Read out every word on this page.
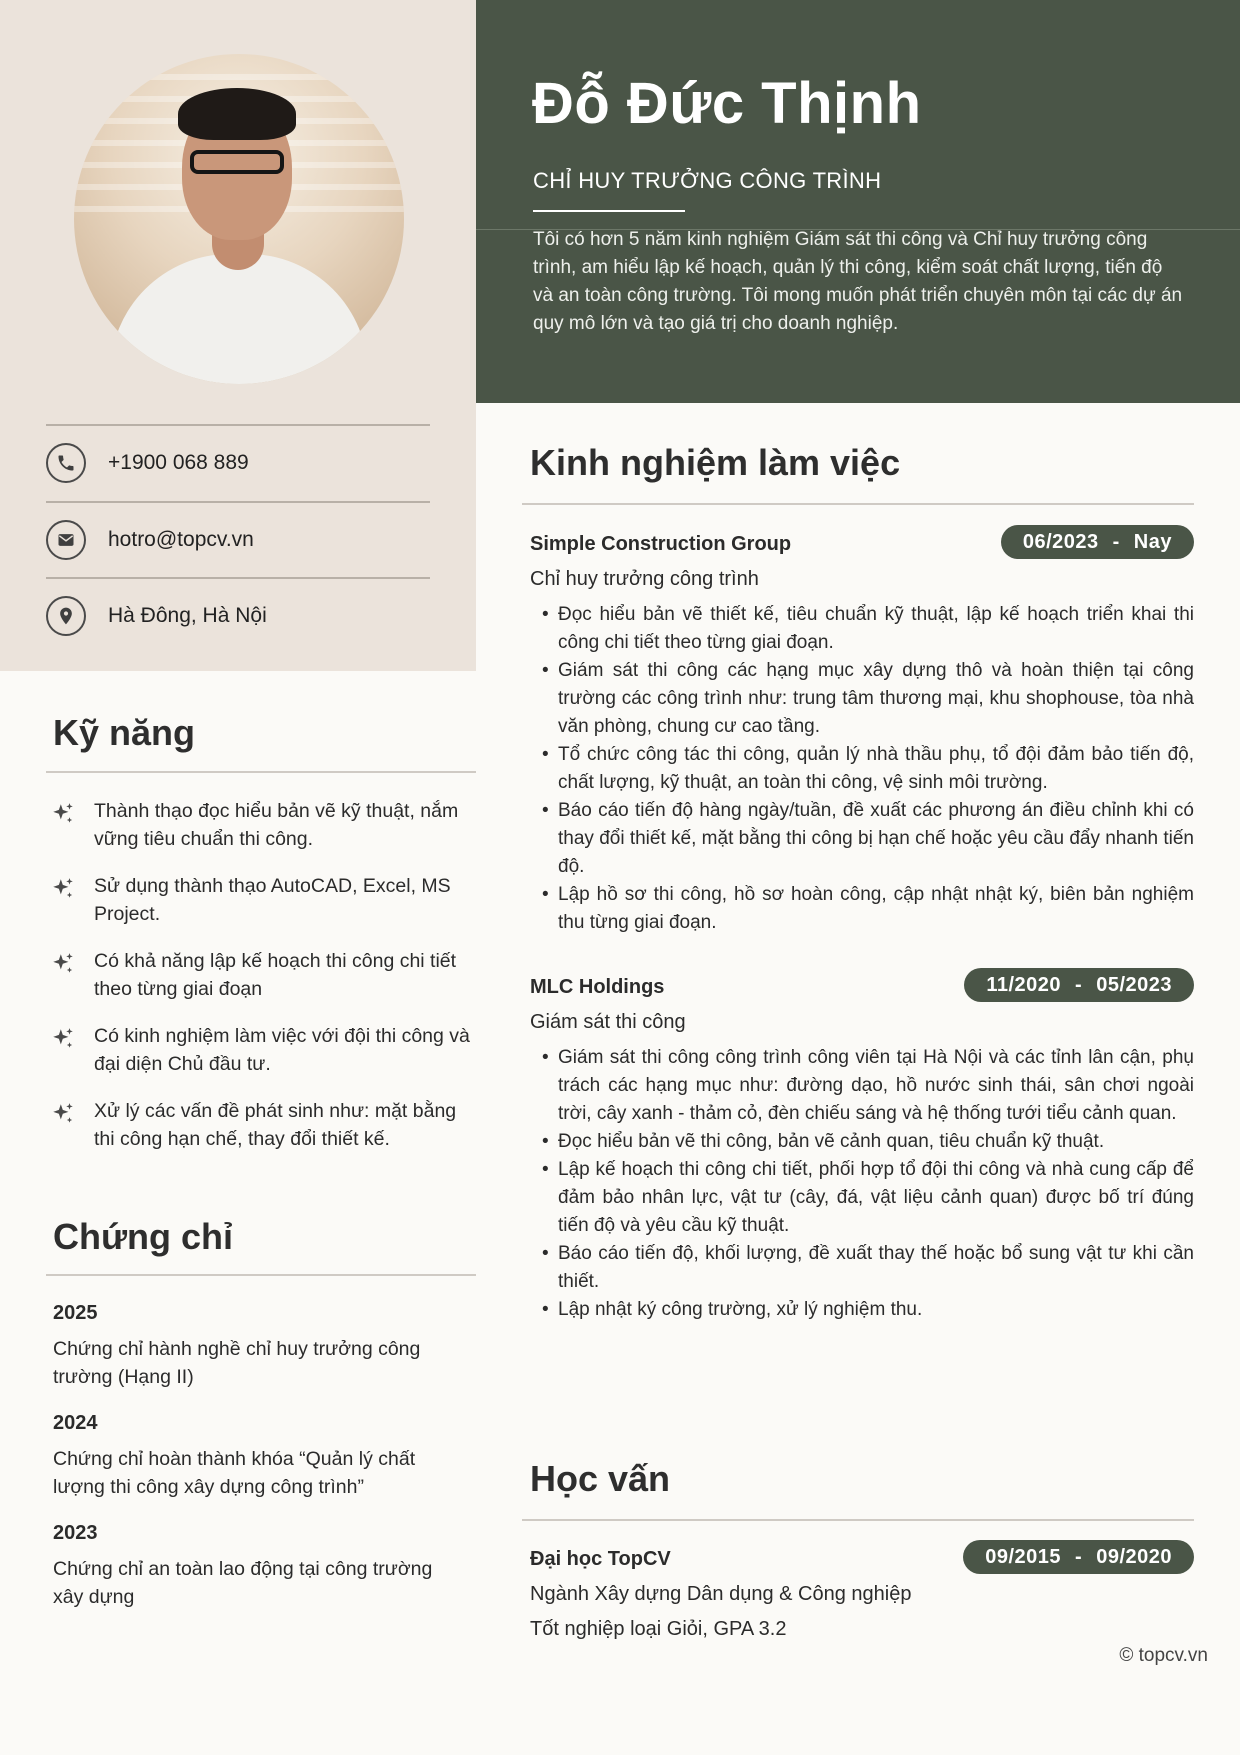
+1900 068 889
hotro@topcv.vn
Hà Đông, Hà Nội
Kỹ năng
Thành thạo đọc hiểu bản vẽ kỹ thuật, nắm vững tiêu chuẩn thi công.
Sử dụng thành thạo AutoCAD, Excel, MS Project.
Có khả năng lập kế hoạch thi công chi tiết theo từng giai đoạn
Có kinh nghiệm làm việc với đội thi công và đại diện Chủ đầu tư.
Xử lý các vấn đề phát sinh như: mặt bằng thi công hạn chế, thay đổi thiết kế.
Chứng chỉ
2025
Chứng chỉ hành nghề chỉ huy trưởng công trường (Hạng II)
2024
Chứng chỉ hoàn thành khóa “Quản lý chất lượng thi công xây dựng công trình”
2023
Chứng chỉ an toàn lao động tại công trường xây dựng
Đỗ Đức Thịnh
CHỈ HUY TRƯỞNG CÔNG TRÌNH
Tôi có hơn 5 năm kinh nghiệm Giám sát thi công và Chỉ huy trưởng công trình, am hiểu lập kế hoạch, quản lý thi công, kiểm soát chất lượng, tiến độ và an toàn công trường. Tôi mong muốn phát triển chuyên môn tại các dự án quy mô lớn và tạo giá trị cho doanh nghiệp.
Kinh nghiệm làm việc
Simple Construction Group	06/2023 - Nay
Chỉ huy trưởng công trình
• Đọc hiểu bản vẽ thiết kế, tiêu chuẩn kỹ thuật, lập kế hoạch triển khai thi công chi tiết theo từng giai đoạn.
• Giám sát thi công các hạng mục xây dựng thô và hoàn thiện tại công trường các công trình như: trung tâm thương mại, khu shophouse, tòa nhà văn phòng, chung cư cao tầng.
• Tổ chức công tác thi công, quản lý nhà thầu phụ, tổ đội đảm bảo tiến độ, chất lượng, kỹ thuật, an toàn thi công, vệ sinh môi trường.
• Báo cáo tiến độ hàng ngày/tuần, đề xuất các phương án điều chỉnh khi có thay đổi thiết kế, mặt bằng thi công bị hạn chế hoặc yêu cầu đẩy nhanh tiến độ.
• Lập hồ sơ thi công, hồ sơ hoàn công, cập nhật nhật ký, biên bản nghiệm thu từng giai đoạn.
MLC Holdings	11/2020 - 05/2023
Giám sát thi công
• Giám sát thi công công trình công viên tại Hà Nội và các tỉnh lân cận, phụ trách các hạng mục như: đường dạo, hồ nước sinh thái, sân chơi ngoài trời, cây xanh - thảm cỏ, đèn chiếu sáng và hệ thống tưới tiểu cảnh quan.
• Đọc hiểu bản vẽ thi công, bản vẽ cảnh quan, tiêu chuẩn kỹ thuật.
• Lập kế hoạch thi công chi tiết, phối hợp tổ đội thi công và nhà cung cấp để đảm bảo nhân lực, vật tư (cây, đá, vật liệu cảnh quan) được bố trí đúng tiến độ và yêu cầu kỹ thuật.
• Báo cáo tiến độ, khối lượng, đề xuất thay thế hoặc bổ sung vật tư khi cần thiết.
• Lập nhật ký công trường, xử lý nghiệm thu.
Học vấn
Đại học TopCV	09/2015 - 09/2020
Ngành Xây dựng Dân dụng & Công nghiệp
Tốt nghiệp loại Giỏi, GPA 3.2
© topcv.vn
